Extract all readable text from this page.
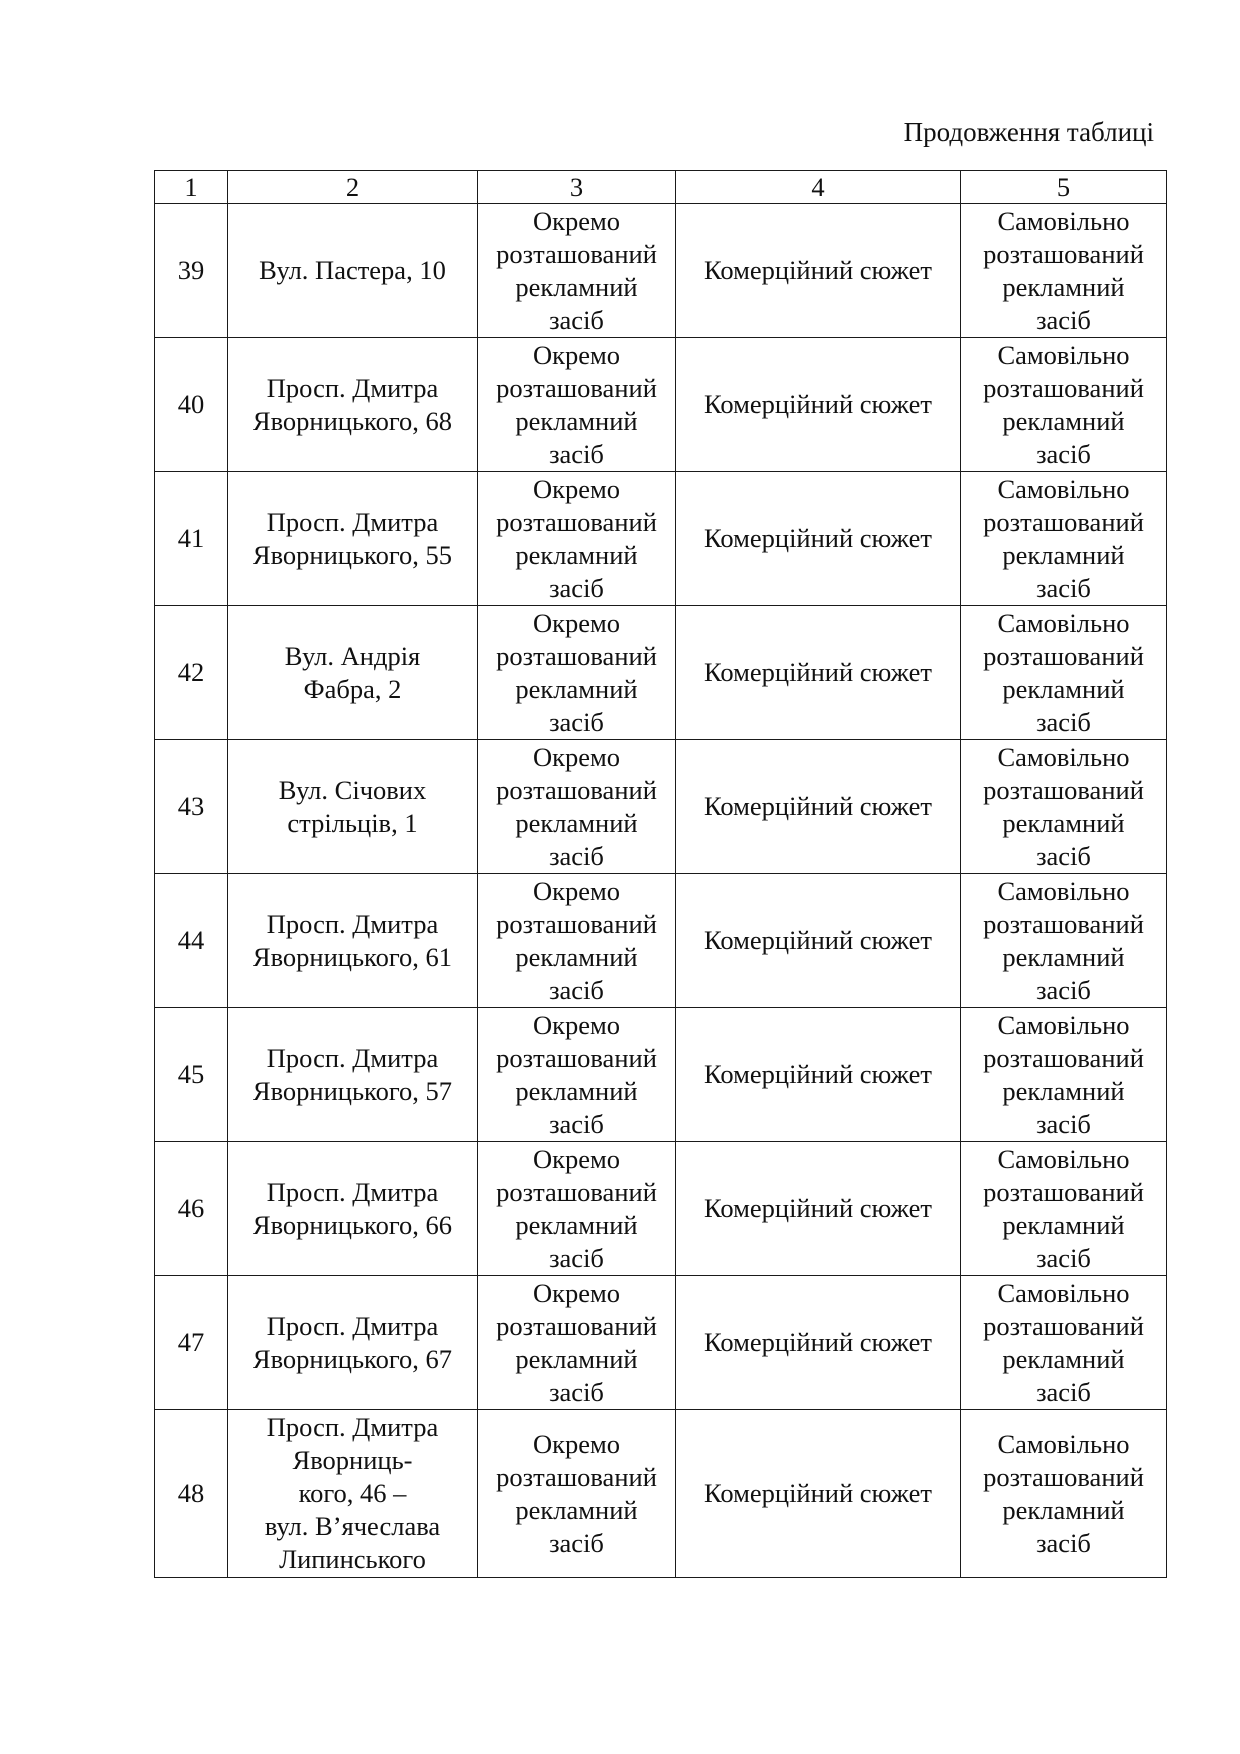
Продовження таблиці
1	2	3	4	5
39	Вул. Пастера, 10	Окремо
розташований
рекламний
засіб	Комерційний сюжет	Самовільно
розташований
рекламний
засіб

40	Просп. Дмитра
Яворницького, 68	Окремо
розташований
рекламний
засіб	Комерційний сюжет	Самовільно
розташований
рекламний
засіб

41	Просп. Дмитра
Яворницького, 55	Окремо
розташований
рекламний
засіб	Комерційний сюжет	Самовільно
розташований
рекламний
засіб

42	Вул. Андрія
Фабра, 2	Окремо
розташований
рекламний
засіб	Комерційний сюжет	Самовільно
розташований
рекламний
засіб

43	Вул. Січових
стрільців, 1	Окремо
розташований
рекламний
засіб	Комерційний сюжет	Самовільно
розташований
рекламний
засіб

44	Просп. Дмитра
Яворницького, 61	Окремо
розташований
рекламний
засіб	Комерційний сюжет	Самовільно
розташований
рекламний
засіб

45	Просп. Дмитра
Яворницького, 57	Окремо
розташований
рекламний
засіб	Комерційний сюжет	Самовільно
розташований
рекламний
засіб

46	Просп. Дмитра
Яворницького, 66	Окремо
розташований
рекламний
засіб	Комерційний сюжет	Самовільно
розташований
рекламний
засіб

47	Просп. Дмитра
Яворницького, 67	Окремо
розташований
рекламний
засіб	Комерційний сюжет	Самовільно
розташований
рекламний
засіб

48	Просп. Дмитра
Яворниць-
кого, 46 –
вул. В’ячеслава
Липинського	Окремо
розташований
рекламний
засіб	Комерційний сюжет	Самовільно
розташований
рекламний
засіб
